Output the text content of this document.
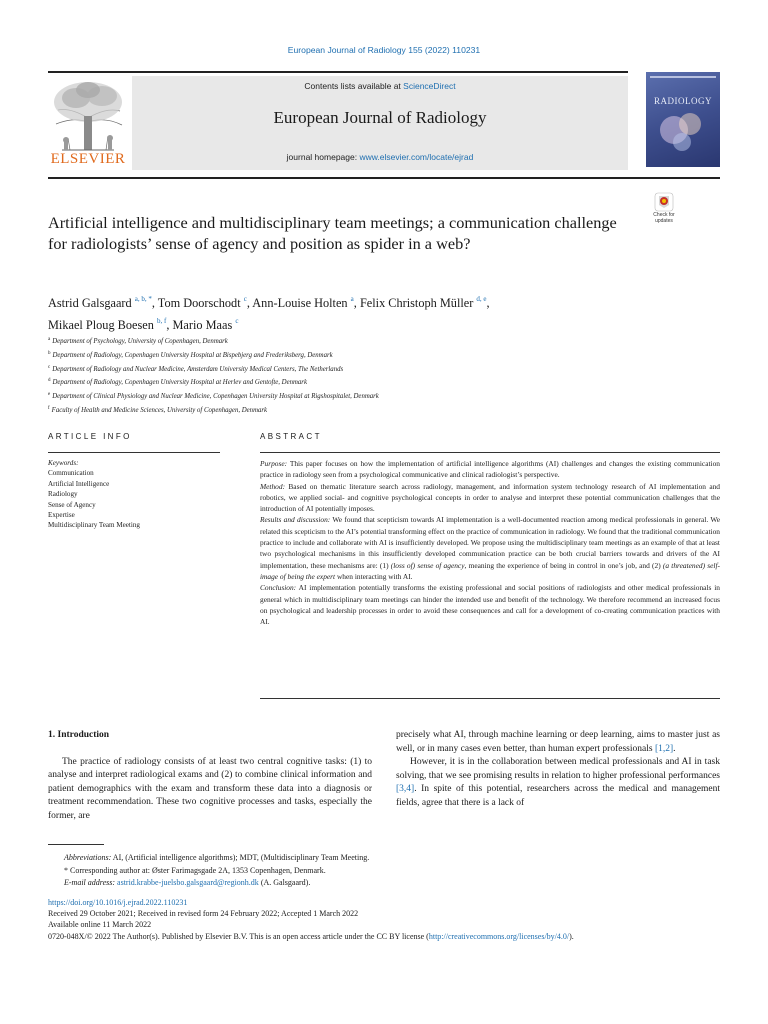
European Journal of Radiology 155 (2022) 110231
ELSEVIER
Contents lists available at ScienceDirect
European Journal of Radiology
journal homepage: www.elsevier.com/locate/ejrad
RADIOLOGY
Check for updates
Artificial intelligence and multidisciplinary team meetings; a communication challenge for radiologists’ sense of agency and position as spider in a web?
Astrid Galsgaard $^{a, b, *}$, Tom Doorschodt $^c$, Ann-Louise Holten $^a$, Felix Christoph Müller $^{d, e}$,
Mikael Ploug Boesen $^{b, f}$, Mario Maas $^c$
$^a$ Department of Psychology, University of Copenhagen, Denmark
$^b$ Department of Radiology, Copenhagen University Hospital at Bispebjerg and Frederiksberg, Denmark
$^c$ Department of Radiology and Nuclear Medicine, Amsterdam University Medical Centers, The Netherlands
$^d$ Department of Radiology, Copenhagen University Hospital at Herlev and Gentofte, Denmark
$^e$ Department of Clinical Physiology and Nuclear Medicine, Copenhagen University Hospital at Rigshospitalet, Denmark
$^f$ Faculty of Health and Medicine Sciences, University of Copenhagen, Denmark
ARTICLE INFO	ABSTRACT
Keywords:
Communication
Artificial Intelligence
Radiology
Sense of Agency
Expertise
Multidisciplinary Team Meeting

Purpose: This paper focuses on how the implementation of artificial intelligence algorithms (AI) challenges and changes the existing communication practice in radiology seen from a psychological communicative and clinical radiologist’s perspective.

Method: Based on thematic literature search across radiology, management, and information system technology research of AI implementation and robotics, we applied social- and cognitive psychological concepts in order to analyse and interpret these potential communication challenges that the introduction of AI potentially imposes.

Results and discussion: We found that scepticism towards AI implementation is a well-documented reaction among medical professionals in general. We related this scepticism to the AI’s potential transforming effect on the practice of communication in radiology. We found that the traditional communication practice to include and collaborate with AI is insufficiently developed. We propose using the multidisciplinary team meetings as an example of that at least two psychological mechanisms in this insufficiently developed communication practice can be both crucial barriers towards and drivers of the AI implementation, these mechanisms are: (1) (loss of) sense of agency, meaning the experience of being in control in one’s job, and (2) (a threatened) self-image of being the expert when interacting with AI.

Conclusion: AI implementation potentially transforms the existing professional and social positions of radiologists and other medical professionals in general which in multidisciplinary team meetings can hinder the intended use and benefit of the technology. We therefore recommend an increased focus on psychological and leadership processes in order to avoid these consequences and call for a development of co-creating communication practices with AI.

1. Introduction

The practice of radiology consists of at least two central cognitive tasks: (1) to analyse and interpret radiological exams and (2) to combine clinical information and patient demographics with the exam and transform these data into a diagnosis or treatment recommendation. These two cognitive processes and tasks, especially the former, are

precisely what AI, through machine learning or deep learning, aims to master just as well, or in many cases even better, than human expert professionals [1,2].

However, it is in the collaboration between medical professionals and AI in task solving, that we see promising results in relation to higher professional performances [3,4]. In spite of this potential, researchers across the medical and management fields, agree that there is a lack of

Abbreviations: AI, (Artificial intelligence algorithms); MDT, (Multidisciplinary Team Meeting.
* Corresponding author at: Øster Farimagsgade 2A, 1353 Copenhagen, Denmark.
E-mail address: astrid.krabbe-juelsbo.galsgaard@regionh.dk (A. Galsgaard).
https://doi.org/10.1016/j.ejrad.2022.110231
Received 29 October 2021; Received in revised form 24 February 2022; Accepted 1 March 2022
Available online 11 March 2022
0720-048X/© 2022 The Author(s). Published by Elsevier B.V. This is an open access article under the CC BY license (http://creativecommons.org/licenses/by/4.0/).
